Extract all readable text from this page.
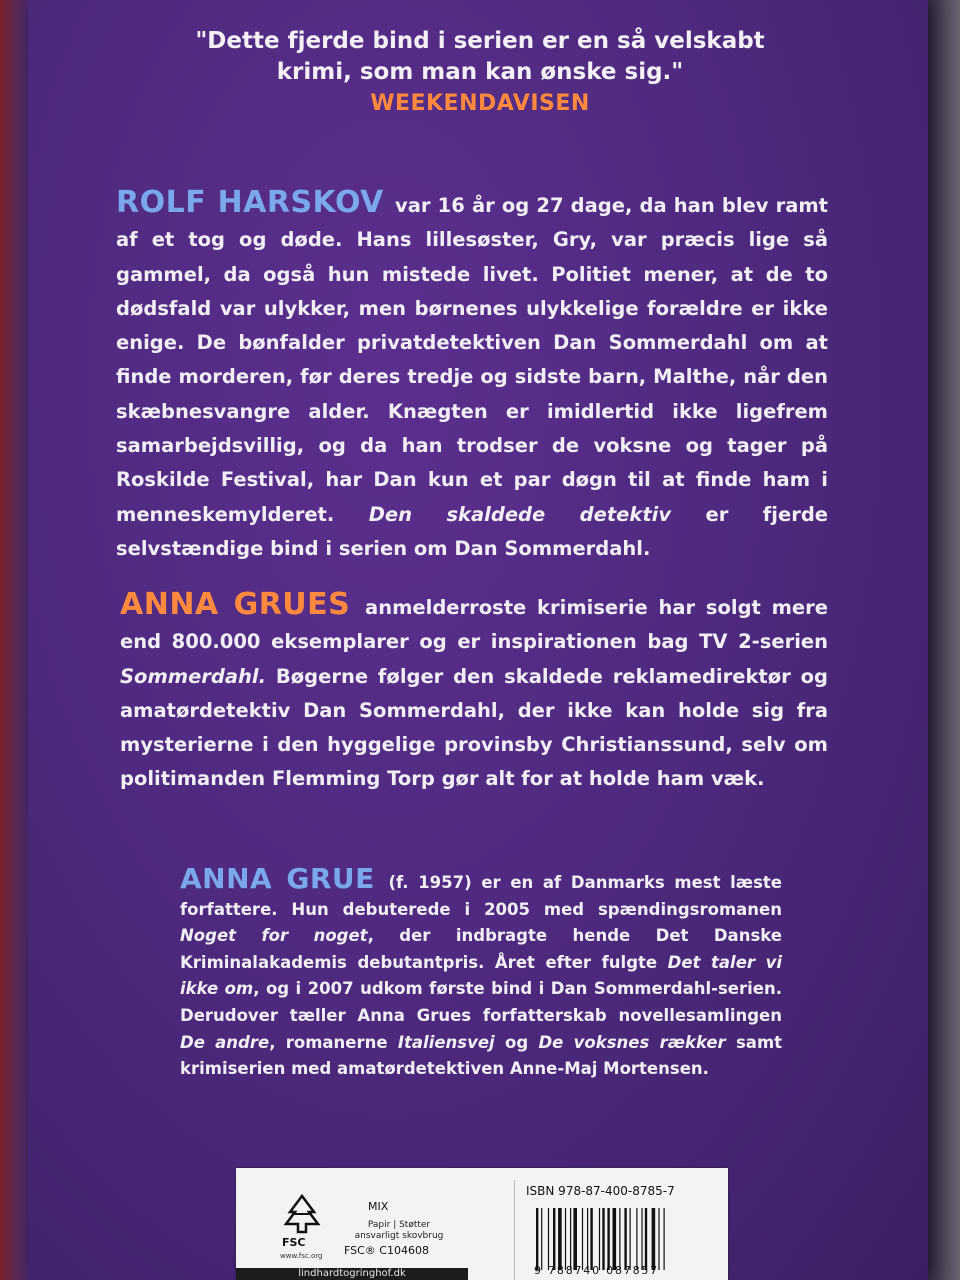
"Dette fjerde bind i serien er en så velskabt krimi, som man kan ønske sig."
WEEKENDAVISEN
ROLF HARSKOV var 16 år og 27 dage, da han blev ramt af et tog og døde. Hans lillesøster, Gry, var præcis lige så gammel, da også hun mistede livet. Politiet mener, at de to dødsfald var ulykker, men børnenes ulykkelige forældre er ikke enige. De bønfalder privatdetektiven Dan Sommerdahl om at finde morderen, før deres tredje og sidste barn, Malthe, når den skæbnesvangre alder. Knægten er imidlertid ikke ligefrem samarbejdsvillig, og da han trodser de voksne og tager på Roskilde Festival, har Dan kun et par døgn til at finde ham i menneskemylderet. Den skaldede detektiv er fjerde selvstændige bind i serien om Dan Sommerdahl.
ANNA GRUES anmelderroste krimiserie har solgt mere end 800.000 eksemplarer og er inspirationen bag TV 2-serien Sommerdahl. Bøgerne følger den skaldede reklamedirektør og amatørdetektiv Dan Sommerdahl, der ikke kan holde sig fra mysterierne i den hyggelige provinsby Christianssund, selv om politimanden Flemming Torp gør alt for at holde ham væk.
ANNA GRUE (f. 1957) er en af Danmarks mest læste forfattere. Hun debuterede i 2005 med spændingsromanen Noget for noget, der indbragte hende Det Danske Kriminalakademis debutantpris. Året efter fulgte Det taler vi ikke om, og i 2007 udkom første bind i Dan Sommerdahl-serien. Derudover tæller Anna Grues forfatterskab novellesamlingen De andre, romanerne Italiensvej og De voksnes rækker samt krimiserien med amatørdetektiven Anne-Maj Mortensen.
FSC
www.fsc.org
MIX
Papir | Støtter ansvarligt skovbrug
FSC® C104608
lindhardtogringhof.dk
ISBN 978-87-400-8785-7
9 788740 087857
